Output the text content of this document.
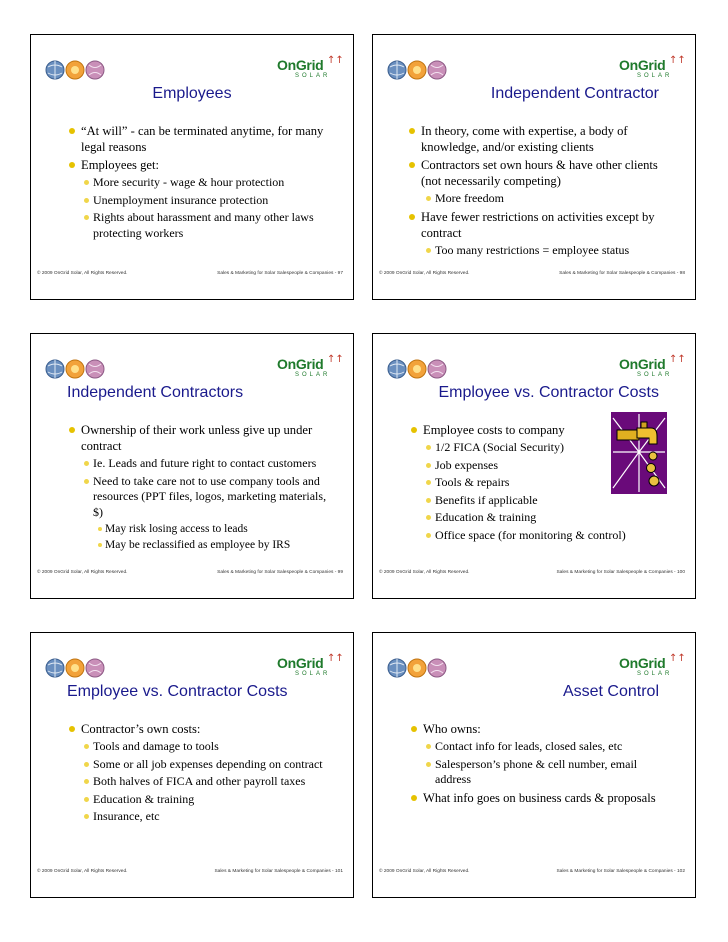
OnGrid ↑↑
SOLAR
Employees
“At will” - can be terminated anytime, for many legal reasons
Employees get:
More security - wage & hour protection
Unemployment insurance protection
Rights about harassment and many other laws protecting workers
© 2009 OnGrid Solar, All Rights Reserved.	Sales & Marketing for Solar Salespeople & Companies - 97
OnGrid ↑↑
SOLAR
Independent Contractor
In theory, come with expertise, a body of knowledge, and/or existing clients
Contractors set own hours & have other clients (not necessarily competing)
More freedom
Have fewer restrictions on activities except by contract
Too many restrictions = employee status
© 2009 OnGrid Solar, All Rights Reserved.	Sales & Marketing for Solar Salespeople & Companies - 98
OnGrid ↑↑
SOLAR
Independent Contractors
Ownership of their work unless give up under contract
Ie. Leads and future right to contact customers
Need to take care not to use company tools and resources (PPT files, logos, marketing materials, $)
May risk losing access to leads
May be reclassified as employee by IRS
© 2009 OnGrid Solar, All Rights Reserved.	Sales & Marketing for Solar Salespeople & Companies - 99
OnGrid ↑↑
SOLAR
Employee vs. Contractor Costs
Employee costs to company
1/2 FICA (Social Security)
Job expenses
Tools & repairs
Benefits if applicable
Education & training
Office space (for monitoring & control)
© 2009 OnGrid Solar, All Rights Reserved.	Sales & Marketing for Solar Salespeople & Companies - 100
OnGrid ↑↑
SOLAR
Employee vs. Contractor Costs
Contractor’s own costs:
Tools and damage to tools
Some or all job expenses depending on contract
Both halves of FICA and other payroll taxes
Education & training
Insurance, etc
© 2009 OnGrid Solar, All Rights Reserved.	Sales & Marketing for Solar Salespeople & Companies - 101
OnGrid ↑↑
SOLAR
Asset Control
Who owns:
Contact info for leads, closed sales, etc
Salesperson’s phone & cell number, email address
What info goes on business cards & proposals
© 2009 OnGrid Solar, All Rights Reserved.	Sales & Marketing for Solar Salespeople & Companies - 102
